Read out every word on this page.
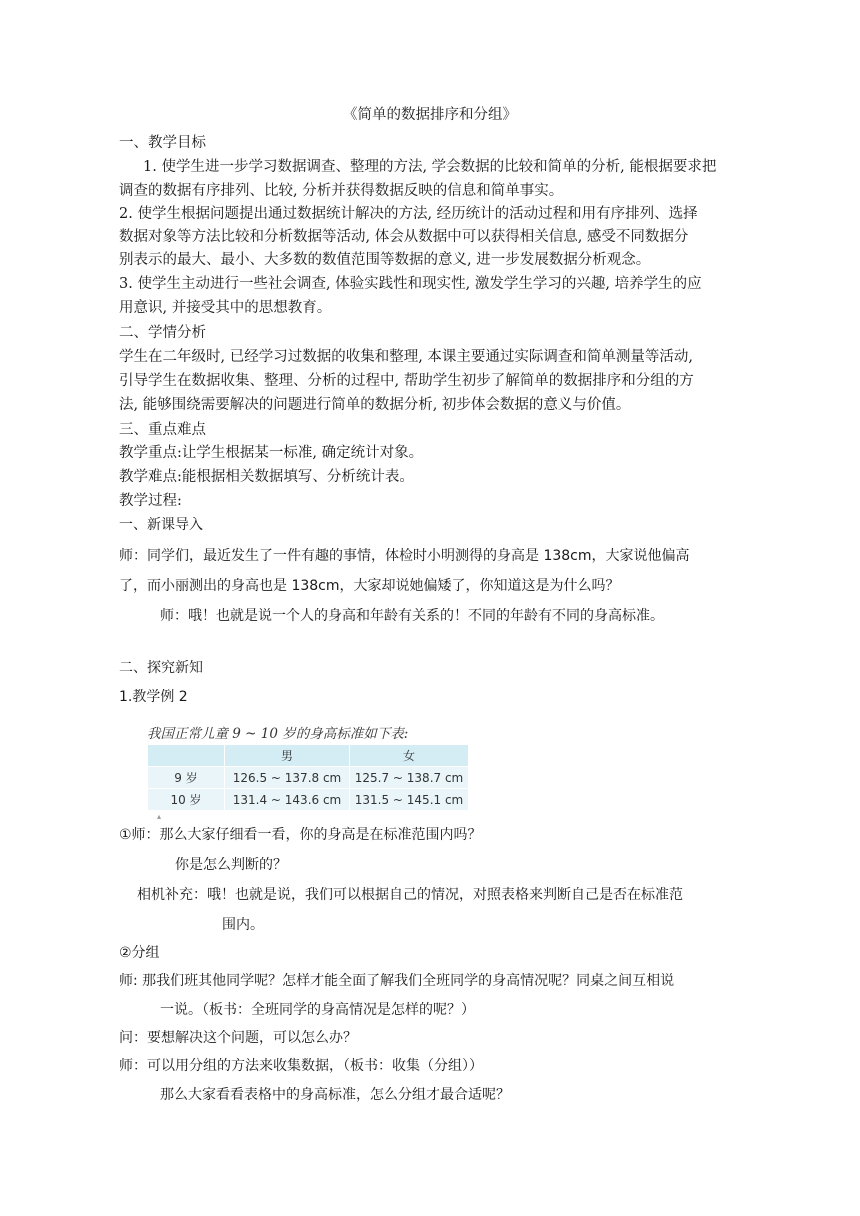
《简单的数据排序和分组》
一、教学目标
1. 使学生进一步学习数据调查、整理的方法, 学会数据的比较和简单的分析, 能根据要求把
调查的数据有序排列、比较, 分析并获得数据反映的信息和简单事实。
2. 使学生根据问题提出通过数据统计解决的方法, 经历统计的活动过程和用有序排列、选择
数据对象等方法比较和分析数据等活动, 体会从数据中可以获得相关信息, 感受不同数据分
别表示的最大、最小、大多数的数值范围等数据的意义, 进一步发展数据分析观念。
3. 使学生主动进行一些社会调查, 体验实践性和现实性, 激发学生学习的兴趣, 培养学生的应
用意识, 并接受其中的思想教育。
二、学情分析
学生在二年级时, 已经学习过数据的收集和整理, 本课主要通过实际调查和简单测量等活动,
引导学生在数据收集、整理、分析的过程中, 帮助学生初步了解简单的数据排序和分组的方
法, 能够围绕需要解决的问题进行简单的数据分析, 初步体会数据的意义与价值。
三、重点难点
教学重点:让学生根据某一标准, 确定统计对象。
教学难点:能根据相关数据填写、分析统计表。
教学过程:
一、新课导入
师：同学们，最近发生了一件有趣的事情，体检时小明测得的身高是 138cm，大家说他偏高
了，而小丽测出的身高也是 138cm，大家却说她偏矮了，你知道这是为什么吗？
师：哦！也就是说一个人的身高和年龄有关系的！不同的年龄有不同的身高标准。
二、探究新知
1.教学例 2
我国正常儿童 9 ~ 10 岁的身高标准如下表:
	男	女
9 岁	126.5 ~ 137.8 cm	125.7 ~ 138.7 cm
10 岁	131.4 ~ 143.6 cm	131.5 ~ 145.1 cm
▴
①师：那么大家仔细看一看，你的身高是在标准范围内吗？
你是怎么判断的？
相机补充：哦！也就是说，我们可以根据自己的情况，对照表格来判断自己是否在标准范
围内。
②分组
师: 那我们班其他同学呢？怎样才能全面了解我们全班同学的身高情况呢？同桌之间互相说
一说。（板书：全班同学的身高情况是怎样的呢？）
问：要想解决这个问题，可以怎么办？
师：可以用分组的方法来收集数据，（板书：收集（分组））
那么大家看看表格中的身高标准，怎么分组才最合适呢？
